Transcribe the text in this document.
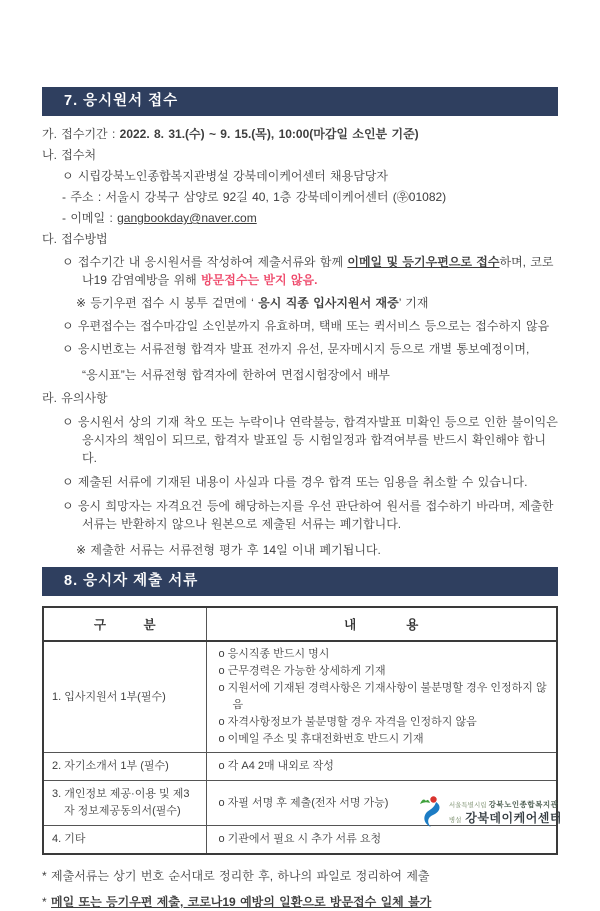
7. 응시원서 접수
가. 접수기간 : 2022. 8. 31.(수) ~ 9. 15.(목), 10:00(마감일 소인분 기준)
나. 접수처
ㅇ 시립강북노인종합복지관병설 강북데이케어센터 채용담당자
- 주소 : 서울시 강북구 삼양로 92길 40, 1층 강북데이케어센터 (㉾01082)
- 이메일 : gangbookday@naver.com
다. 접수방법
ㅇ 접수기간 내 응시원서를 작성하여 제출서류와 함께 이메일 및 등기우편으로 접수하며, 코로나19 감염예방을 위해 방문접수는 받지 않음.
※ 등기우편 접수 시 봉투 겉면에 ‘ 응시 직종 입사지원서 재중’ 기재
ㅇ 우편접수는 접수마감일 소인분까지 유효하며, 택배 또는 퀵서비스 등으로는 접수하지 않음
ㅇ 응시번호는 서류전형 합격자 발표 전까지 유선, 문자메시지 등으로 개별 통보예정이며,
“응시표”는 서류전형 합격자에 한하여 면접시험장에서 배부
라. 유의사항
ㅇ 응시원서 상의 기재 착오 또는 누락이나 연락불능, 합격자발표 미확인 등으로 인한 불이익은 응시자의 책임이 되므로, 합격자 발표일 등 시험일정과 합격여부를 반드시 확인해야 합니다.
ㅇ 제출된 서류에 기재된 내용이 사실과 다를 경우 합격 또는 임용을 취소할 수 있습니다.
ㅇ 응시 희망자는 자격요건 등에 해당하는지를 우선 판단하여 원서를 접수하기 바라며, 제출한 서류는 반환하지 않으나 원본으로 제출된 서류는 폐기합니다.
※ 제출한 서류는 서류전형 평가 후 14일 이내 폐기됩니다.
8. 응시자 제출 서류
구   분	내    용

1. 입사지원서 1부(필수)	o 응시직종 반드시 명시
o 근무경력은 가능한 상세하게 기재
o 지원서에 기재된 경력사항은 기재사항이 불분명할 경우 인정하지 않음
o 자격사항정보가 불분명할 경우 자격을 인정하지 않음
o 이메일 주소 및 휴대전화번호 반드시 기재

2. 자기소개서 1부 (필수)	o 각 A4 2매 내외로 작성

3. 개인정보 제공·이용 및 제3자 정보제공동의서(필수)	o 자필 서명 후 제출(전자 서명 가능)

4. 기타	o 기관에서 필요 시 추가 서류 요청
* 제출서류는 상기 번호 순서대로 정리한 후, 하나의 파일로 정리하여 제출
* 메일 또는 등기우편 제출, 코로나19 예방의 일환으로 방문접수 일체 불가
서울특별시립 강북노인종합복지관
병설 강북데이케어센터
